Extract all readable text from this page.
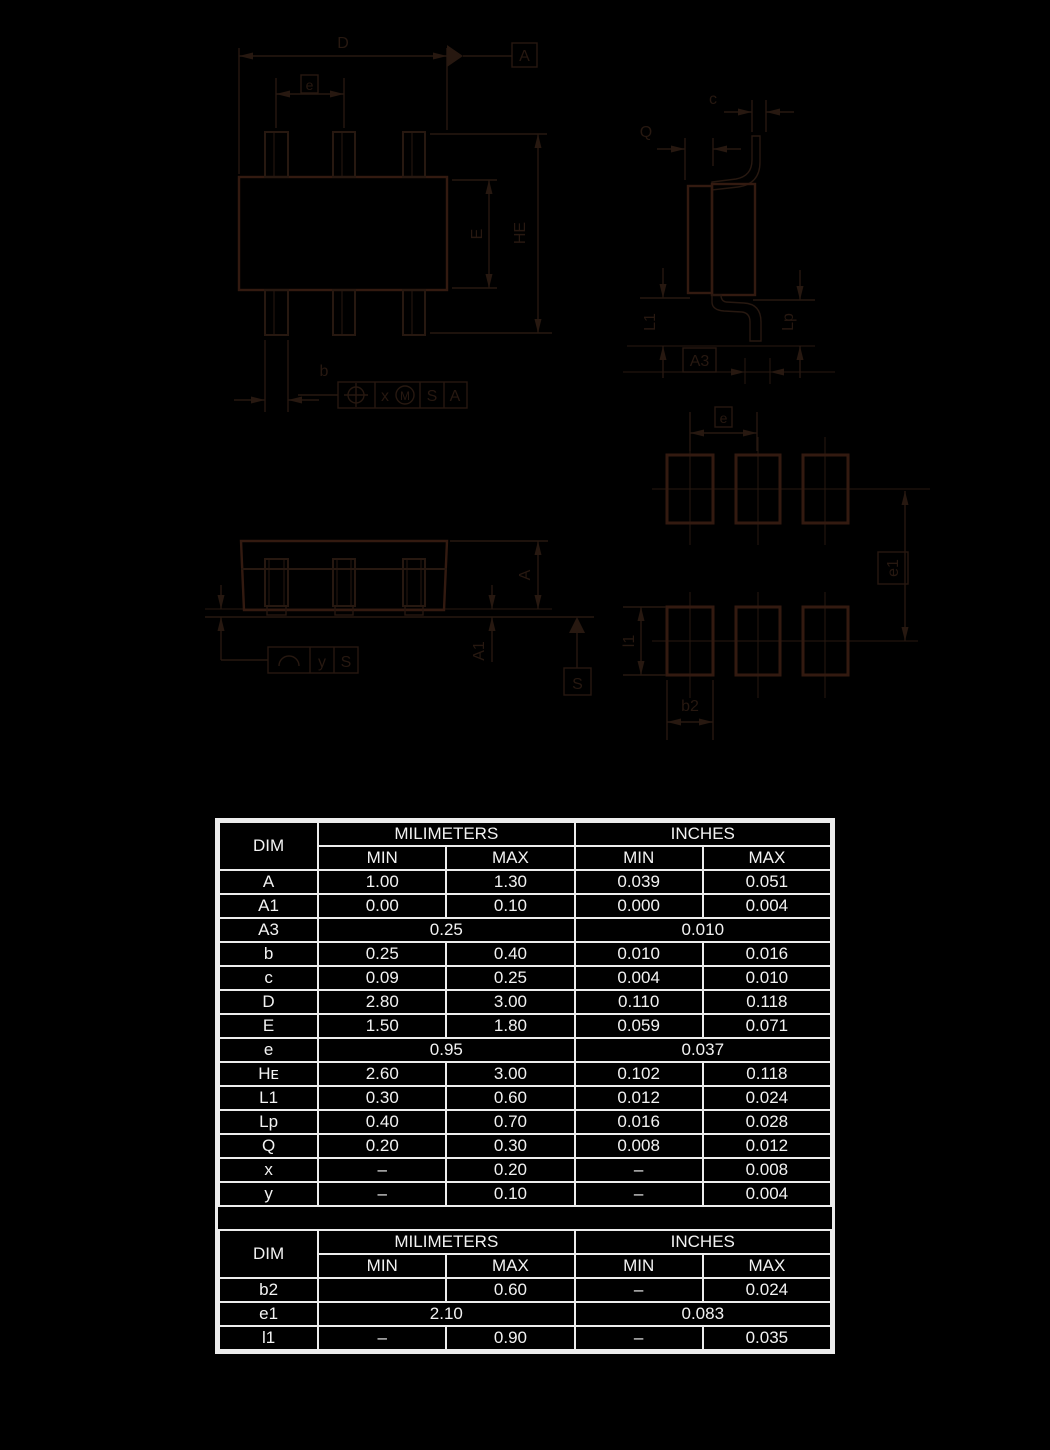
D
A
e
E HE
b
x M S A
c
Q
L1	Lp
A3
y S
A1
A
S
e
e1
l1
b2
DIM	MILIMETERS		INCHES	
	MIN	MAX	MIN	MAX
A	1.00	1.30	0.039	0.051
A1	0.00	0.10	0.000	0.004
A3	0.25		0.010	
b	0.25	0.40	0.010	0.016
c	0.09	0.25	0.004	0.010
D	2.80	3.00	0.110	0.118
E	1.50	1.80	0.059	0.071
e	0.95		0.037	
Hᴇ	2.60	3.00	0.102	0.118
L1	0.30	0.60	0.012	0.024
Lp	0.40	0.70	0.016	0.028
Q	0.20	0.30	0.008	0.012
x	–	0.20	–	0.008
y	–	0.10	–	0.004
DIM	MILIMETERS		INCHES	
	MIN	MAX	MIN	MAX
b2		0.60	–	0.024
e1	2.10		0.083	
l1	–	0.90	–	0.035
